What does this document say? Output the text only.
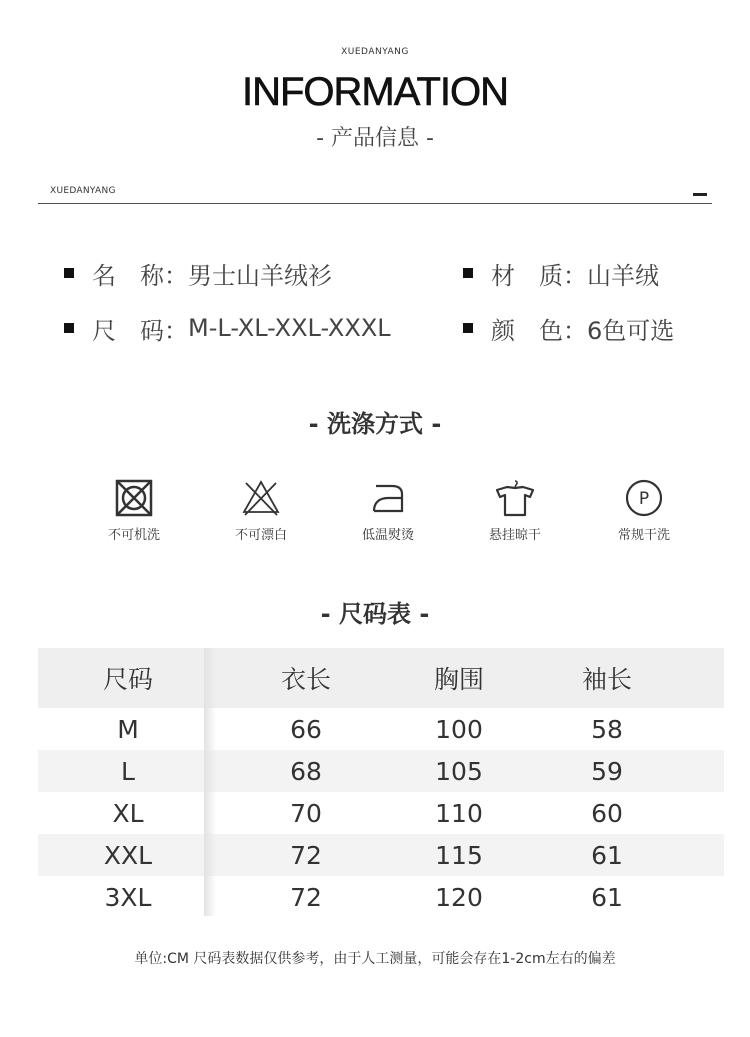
XUEDANYANG
INFORMATION
- 产品信息 -
XUEDANYANG
名　称： 男士山羊绒衫	材　质： 山羊绒
尺　码： M-L-XL-XXL-XXXL	颜　色： 6色可选
- 洗涤方式 -
不可机洗	不可漂白	低温熨烫	悬挂晾干
P
常规干洗
- 尺码表 -
尺码	衣长	胸围	袖长
M	66	100	58
L	68	105	59
XL	70	110	60
XXL	72	115	61
3XL	72	120	61
单位:CM 尺码表数据仅供参考，由于人工测量，可能会存在1-2cm左右的偏差
